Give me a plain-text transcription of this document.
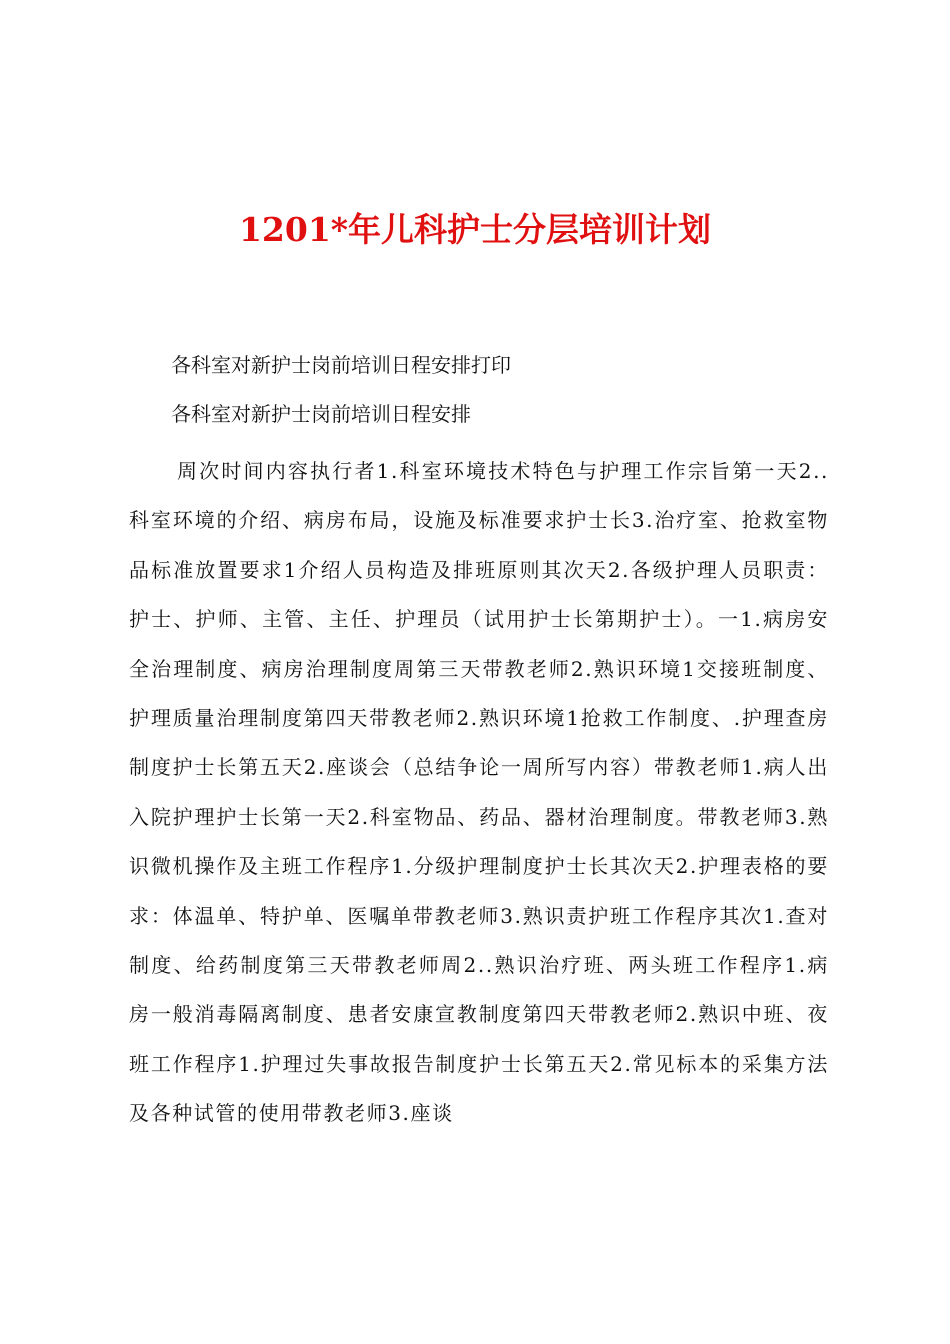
1201*年儿科护士分层培训计划

各科室对新护士岗前培训日程安排打印

各科室对新护士岗前培训日程安排

周次时间内容执行者1.科室环境技术特色与护理工作宗旨第一天2..科室环境的介绍、病房布局，设施及标准要求护士长3.治疗室、抢救室物品标准放置要求1介绍人员构造及排班原则其次天2.各级护理人员职责：护士、护师、主管、主任、护理员（试用护士长第期护士）。一1.病房安全治理制度、病房治理制度周第三天带教老师2.熟识环境1交接班制度、护理质量治理制度第四天带教老师2.熟识环境1抢救工作制度、.护理查房制度护士长第五天2.座谈会（总结争论一周所写内容）带教老师1.病人出入院护理护士长第一天2.科室物品、药品、器材治理制度。带教老师3.熟识微机操作及主班工作程序1.分级护理制度护士长其次天2.护理表格的要求：体温单、特护单、医嘱单带教老师3.熟识责护班工作程序其次1.查对制度、给药制度第三天带教老师周2..熟识治疗班、两头班工作程序1.病房一般消毒隔离制度、患者安康宣教制度第四天带教老师2.熟识中班、夜班工作程序1.护理过失事故报告制度护士长第五天2.常见标本的采集方法及各种试管的使用带教老师3.座谈
